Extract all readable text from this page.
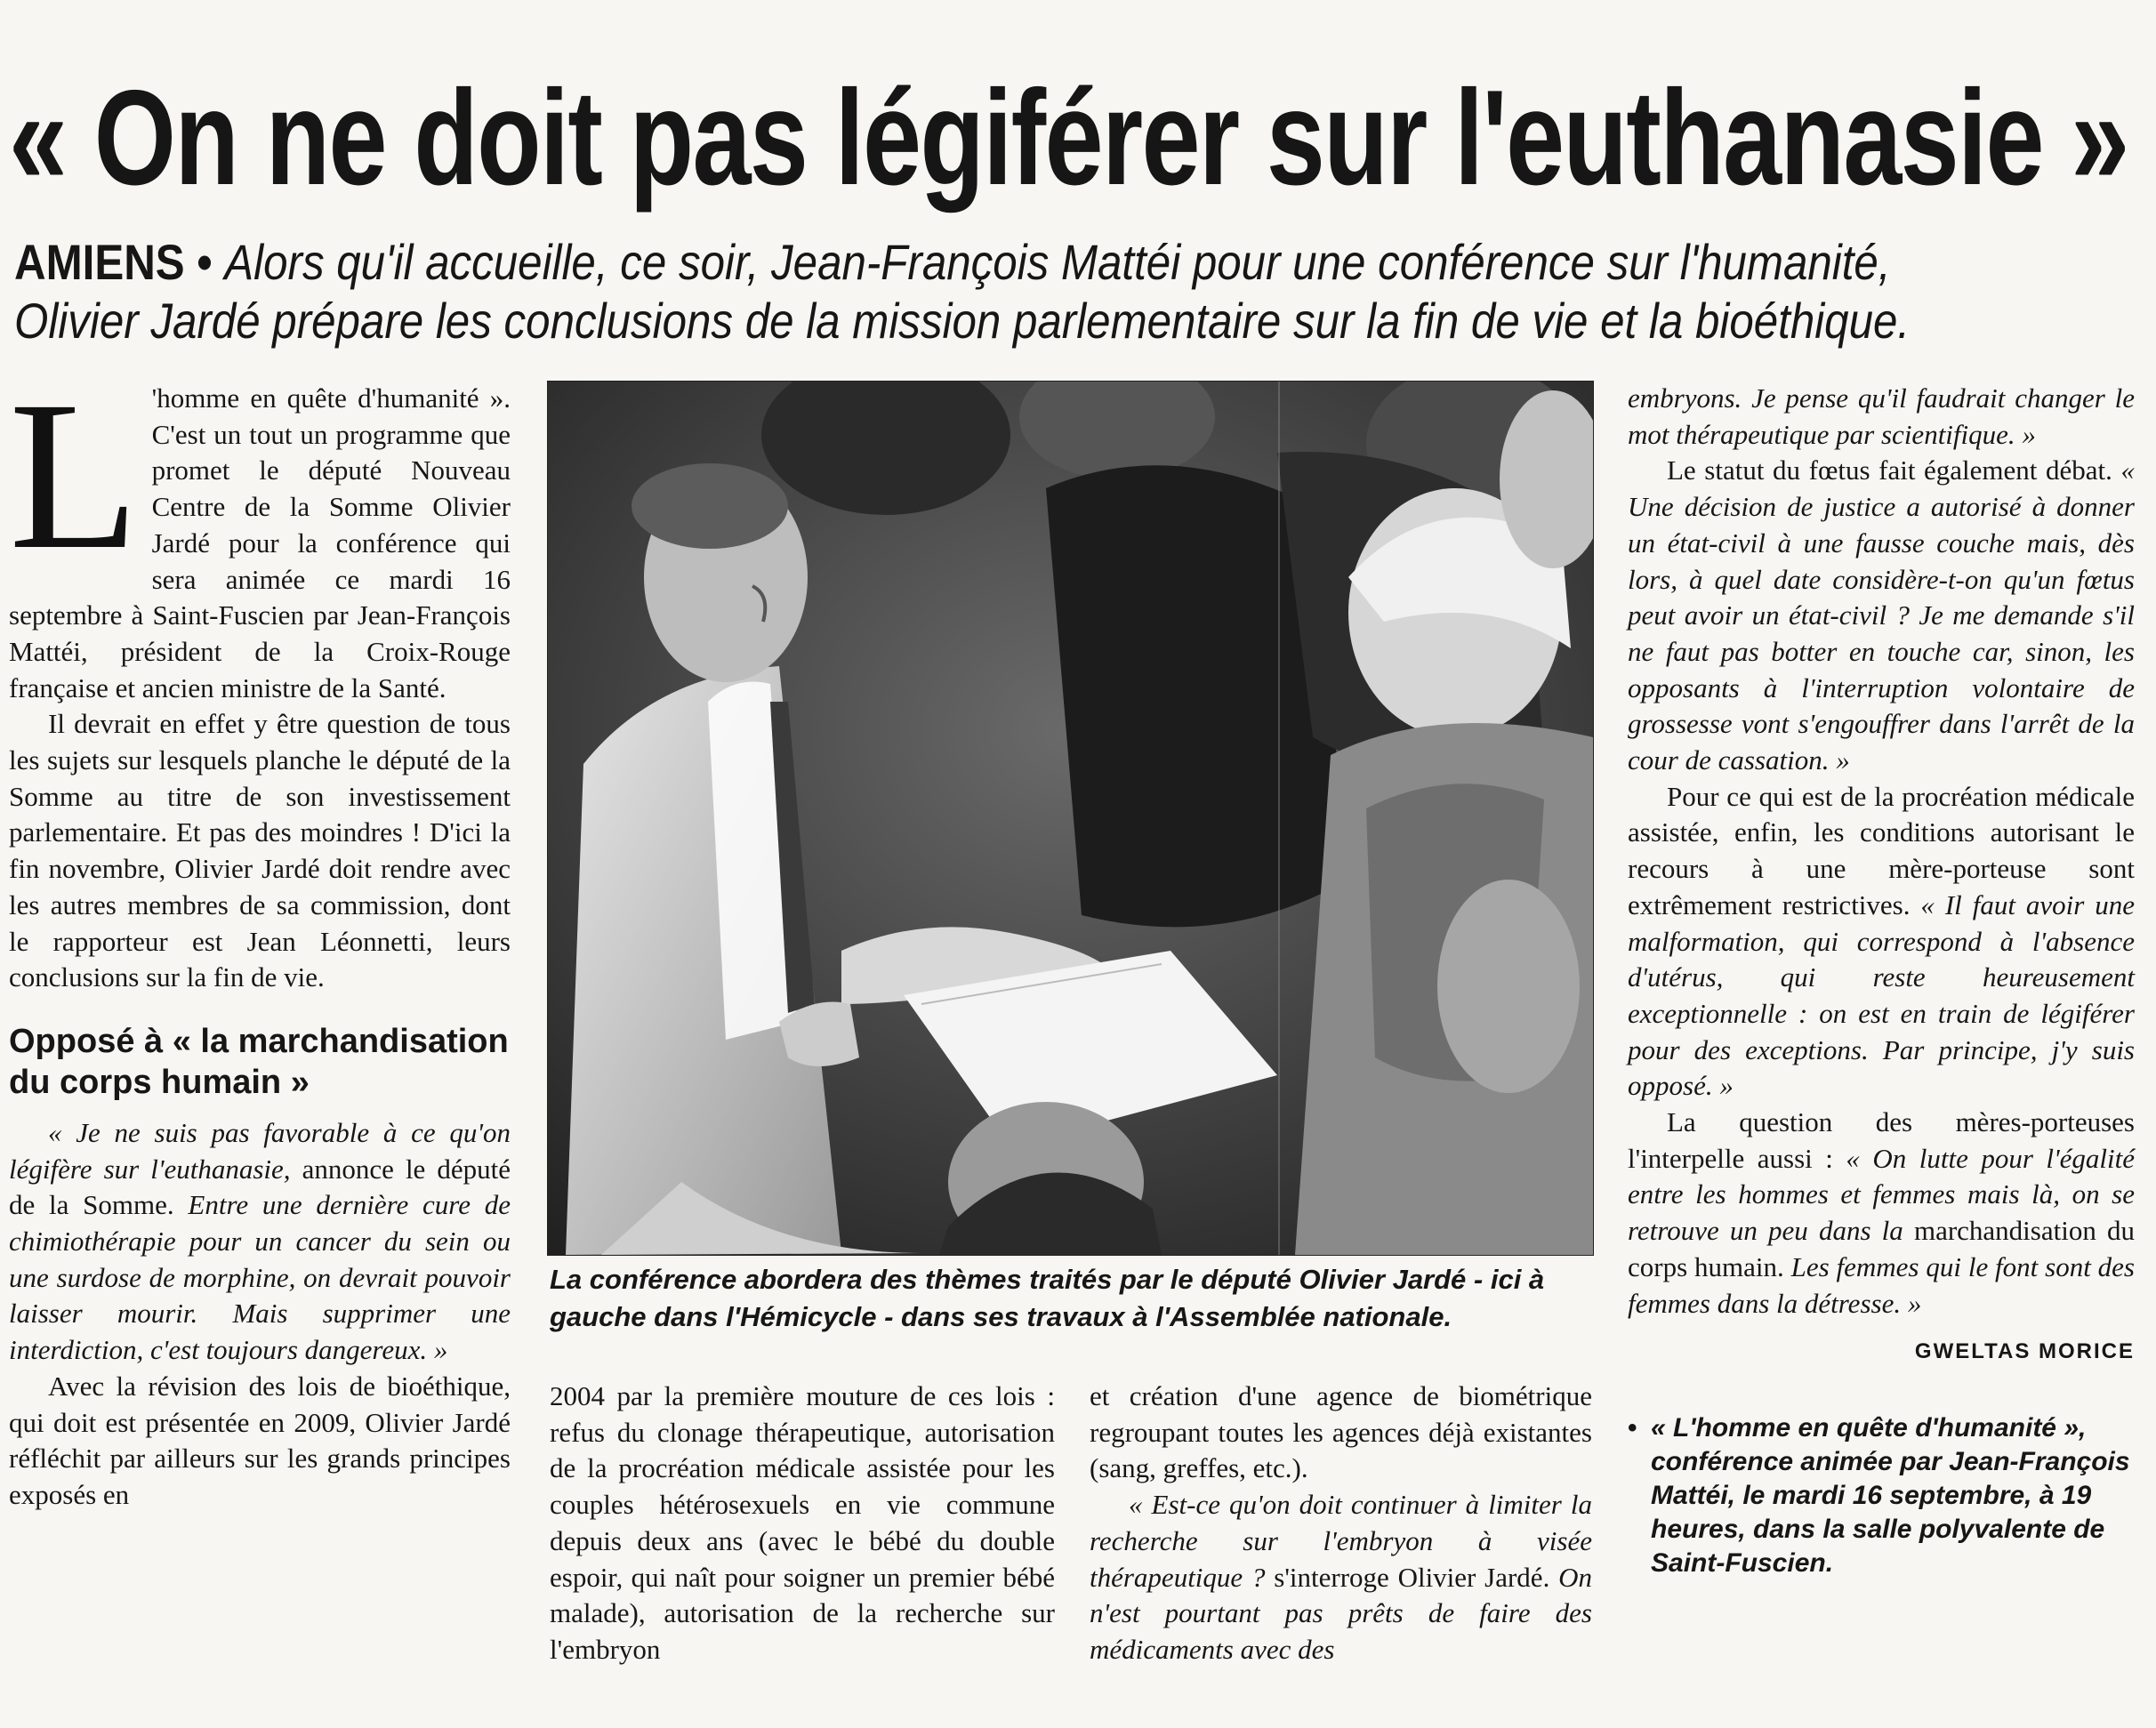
« On ne doit pas légiférer sur l'euthanasie »
AMIENS • Alors qu'il accueille, ce soir, Jean-François Mattéi pour une conférence sur l'humanité,
Olivier Jardé prépare les conclusions de la mission parlementaire sur la fin de vie et la bioéthique.

L 'homme en quête d'humanité ». C'est un tout un programme que promet le député Nouveau Centre de la Somme Olivier Jardé pour la conférence qui sera animée ce mardi 16 septembre à Saint-Fuscien par Jean-François Mattéi, président de la Croix-Rouge française et ancien ministre de la Santé.

Il devrait en effet y être question de tous les sujets sur lesquels planche le député de la Somme au titre de son investissement parlementaire. Et pas des moindres ! D'ici la fin novembre, Olivier Jardé doit rendre avec les autres membres de sa commission, dont le rapporteur est Jean Léonnetti, leurs conclusions sur la fin de vie.

Opposé à « la marchandisation du corps humain »

« Je ne suis pas favorable à ce qu'on légifère sur l'euthanasie, annonce le député de la Somme. Entre une dernière cure de chimiothérapie pour un cancer du sein ou une surdose de morphine, on devrait pouvoir laisser mourir. Mais supprimer une interdiction, c'est toujours dangereux. »

Avec la révision des lois de bioéthique, qui doit est présentée en 2009, Olivier Jardé réfléchit par ailleurs sur les grands principes exposés en

La conférence abordera des thèmes traités par le député Olivier Jardé - ici à gauche dans l'Hémicycle - dans ses travaux à l'Assemblée nationale.

2004 par la première mouture de ces lois : refus du clonage thérapeutique, autorisation de la procréation médicale assistée pour les couples hétérosexuels en vie commune depuis deux ans (avec le bébé du double espoir, qui naît pour soigner un premier bébé malade), autorisation de la recherche sur l'embryon

et création d'une agence de biométrique regroupant toutes les agences déjà existantes (sang, greffes, etc.).

« Est-ce qu'on doit continuer à limiter la recherche sur l'embryon à visée thérapeutique ? s'interroge Olivier Jardé. On n'est pourtant pas prêts de faire des médicaments avec des

embryons. Je pense qu'il faudrait changer le mot thérapeutique par scientifique. »

Le statut du fœtus fait également débat. « Une décision de justice a autorisé à donner un état-civil à une fausse couche mais, dès lors, à quel date considère-t-on qu'un fœtus peut avoir un état-civil ? Je me demande s'il ne faut pas botter en touche car, sinon, les opposants à l'interruption volontaire de grossesse vont s'engouffrer dans l'arrêt de la cour de cassation. »

Pour ce qui est de la procréation médicale assistée, enfin, les conditions autorisant le recours à une mère-porteuse sont extrêmement restrictives. « Il faut avoir une malformation, qui correspond à l'absence d'utérus, qui reste heureusement exceptionnelle : on est en train de légiférer pour des exceptions. Par principe, j'y suis opposé. »

La question des mères-porteuses l'interpelle aussi : « On lutte pour l'égalité entre les hommes et femmes mais là, on se retrouve un peu dans la marchandisation du corps humain. Les femmes qui le font sont des femmes dans la détresse. »

GWELTAS MORICE

• « L'homme en quête d'humanité », conférence animée par Jean-François Mattéi, le mardi 16 septembre, à 19 heures, dans la salle polyvalente de Saint-Fuscien.
